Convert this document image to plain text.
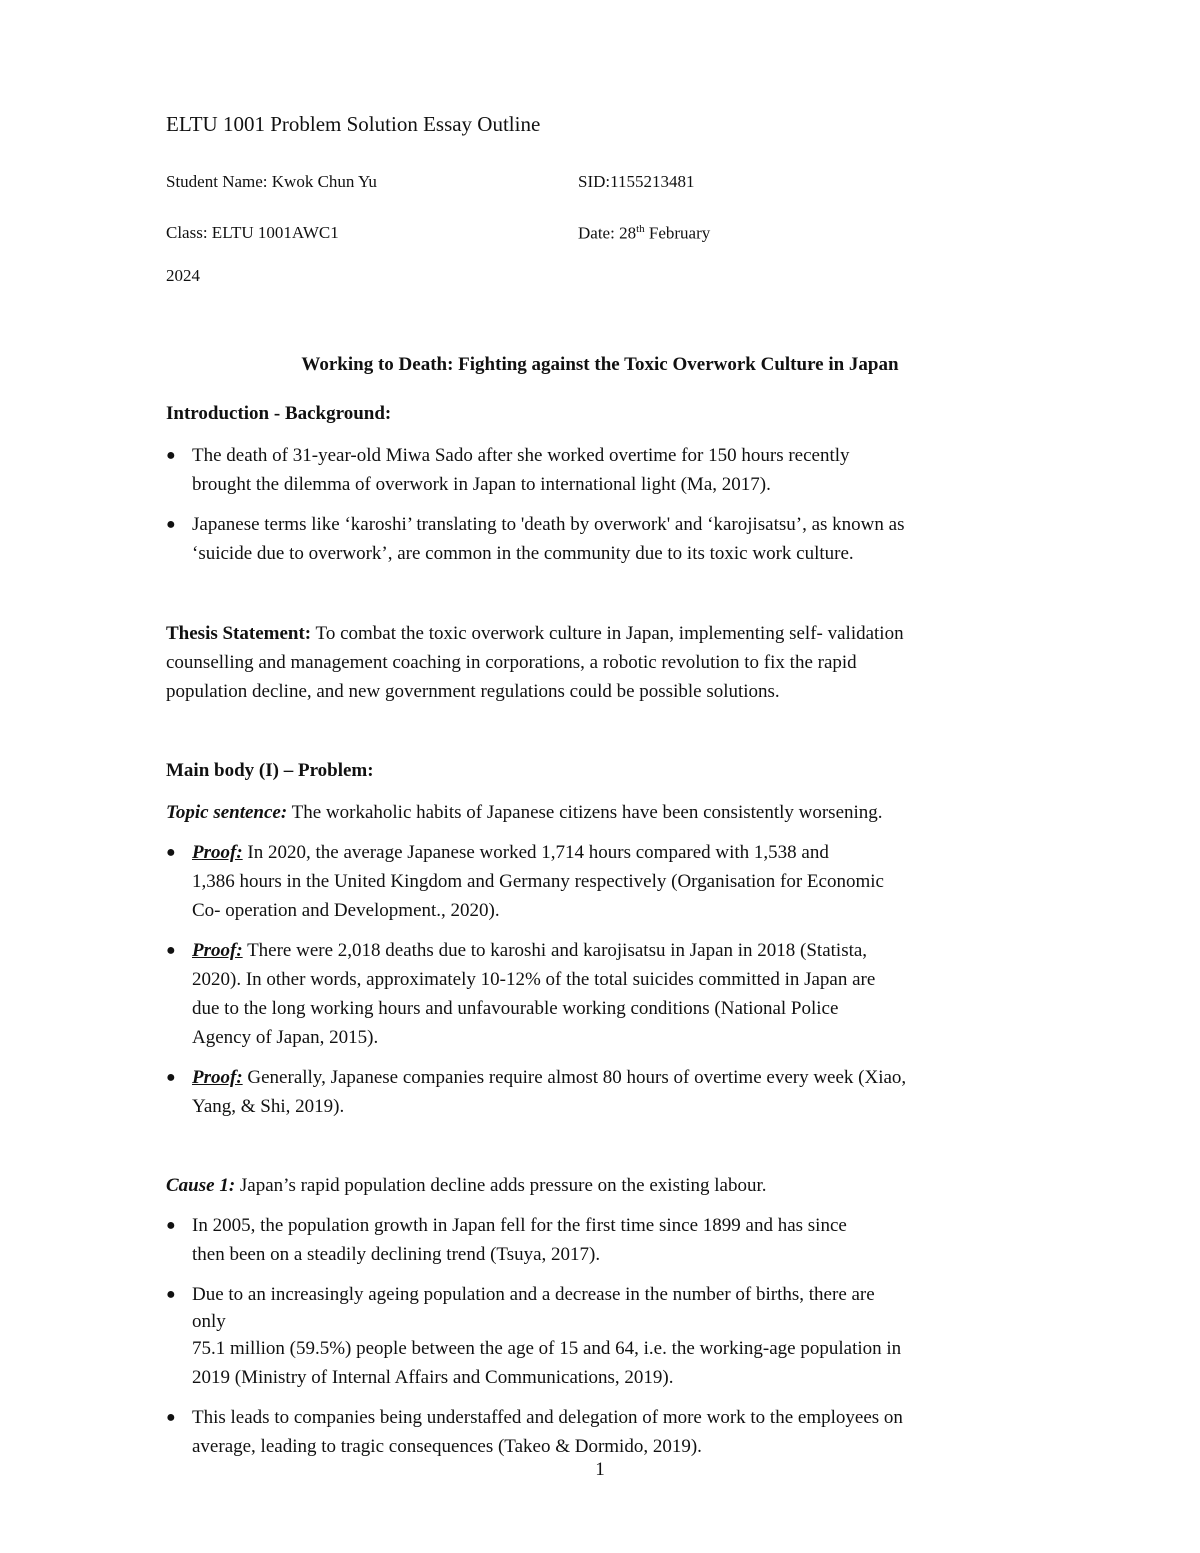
ELTU 1001 Problem Solution Essay Outline
Student Name: Kwok Chun Yu	SID:1155213481
Class: ELTU 1001AWC1	Date: 28th February
2024
Working to Death: Fighting against the Toxic Overwork Culture in Japan
Introduction - Background:
● The death of 31-year-old Miwa Sado after she worked overtime for 150 hours recently
brought the dilemma of overwork in Japan to international light (Ma, 2017).
● Japanese terms like ‘karoshi’ translating to 'death by overwork' and ‘karojisatsu’, as known as
‘suicide due to overwork’, are common in the community due to its toxic work culture.
Thesis Statement: To combat the toxic overwork culture in Japan, implementing self- validation
counselling and management coaching in corporations, a robotic revolution to fix the rapid
population decline, and new government regulations could be possible solutions.
Main body (I) – Problem:
Topic sentence: The workaholic habits of Japanese citizens have been consistently worsening.
● Proof: In 2020, the average Japanese worked 1,714 hours compared with 1,538 and
1,386 hours in the United Kingdom and Germany respectively (Organisation for Economic
Co- operation and Development., 2020).
● Proof: There were 2,018 deaths due to karoshi and karojisatsu in Japan in 2018 (Statista,
2020). In other words, approximately 10-12% of the total suicides committed in Japan are
due to the long working hours and unfavourable working conditions (National Police
Agency of Japan, 2015).
● Proof: Generally, Japanese companies require almost 80 hours of overtime every week (Xiao,
Yang, & Shi, 2019).
Cause 1: Japan’s rapid population decline adds pressure on the existing labour.
● In 2005, the population growth in Japan fell for the first time since 1899 and has since
then been on a steadily declining trend (Tsuya, 2017).
● Due to an increasingly ageing population and a decrease in the number of births, there are
only
75.1 million (59.5%) people between the age of 15 and 64, i.e. the working-age population in
2019 (Ministry of Internal Affairs and Communications, 2019).
● This leads to companies being understaffed and delegation of more work to the employees on
average, leading to tragic consequences (Takeo & Dormido, 2019).
1
